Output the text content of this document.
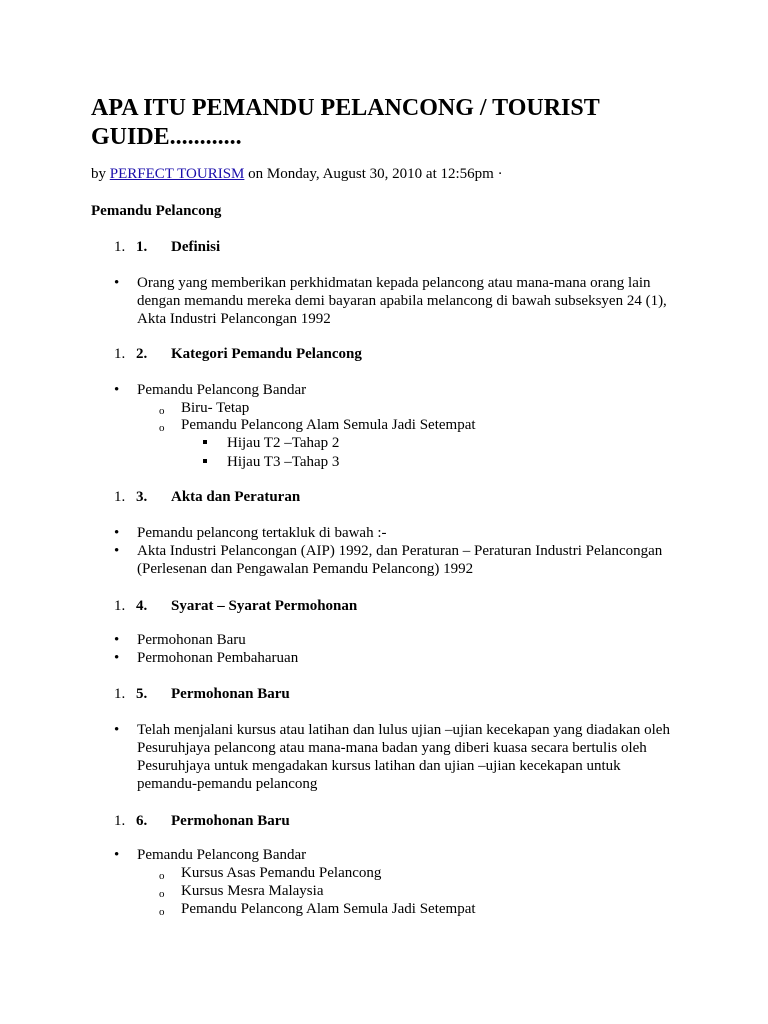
APA ITU PEMANDU PELANCONG / TOURIST GUIDE............
by PERFECT TOURISM on Monday, August 30, 2010 at 12:56pm ·
Pemandu Pelancong
1. 1. Definisi
• Orang yang memberikan perkhidmatan kepada pelancong atau mana-mana orang lain dengan memandu mereka demi bayaran apabila melancong di bawah subseksyen 24 (1), Akta Industri Pelancongan 1992
1. 2. Kategori Pemandu Pelancong
• Pemandu Pelancong Bandar
o Biru- Tetap
o Pemandu Pelancong Alam Semula Jadi Setempat
Hijau T2 –Tahap 2
Hijau T3 –Tahap 3
1. 3. Akta dan Peraturan
• Pemandu pelancong tertakluk di bawah :-
• Akta Industri Pelancongan (AIP) 1992, dan Peraturan – Peraturan Industri Pelancongan (Perlesenan dan Pengawalan Pemandu Pelancong) 1992
1. 4. Syarat – Syarat Permohonan
• Permohonan Baru
• Permohonan Pembaharuan
1. 5. Permohonan Baru
• Telah menjalani kursus atau latihan dan lulus ujian –ujian kecekapan yang diadakan oleh Pesuruhjaya pelancong atau mana-mana badan yang diberi kuasa secara bertulis oleh Pesuruhjaya untuk mengadakan kursus latihan dan ujian –ujian kecekapan untuk pemandu-pemandu pelancong
1. 6. Permohonan Baru
• Pemandu Pelancong Bandar
o Kursus Asas Pemandu Pelancong
o Kursus Mesra Malaysia
o Pemandu Pelancong Alam Semula Jadi Setempat
